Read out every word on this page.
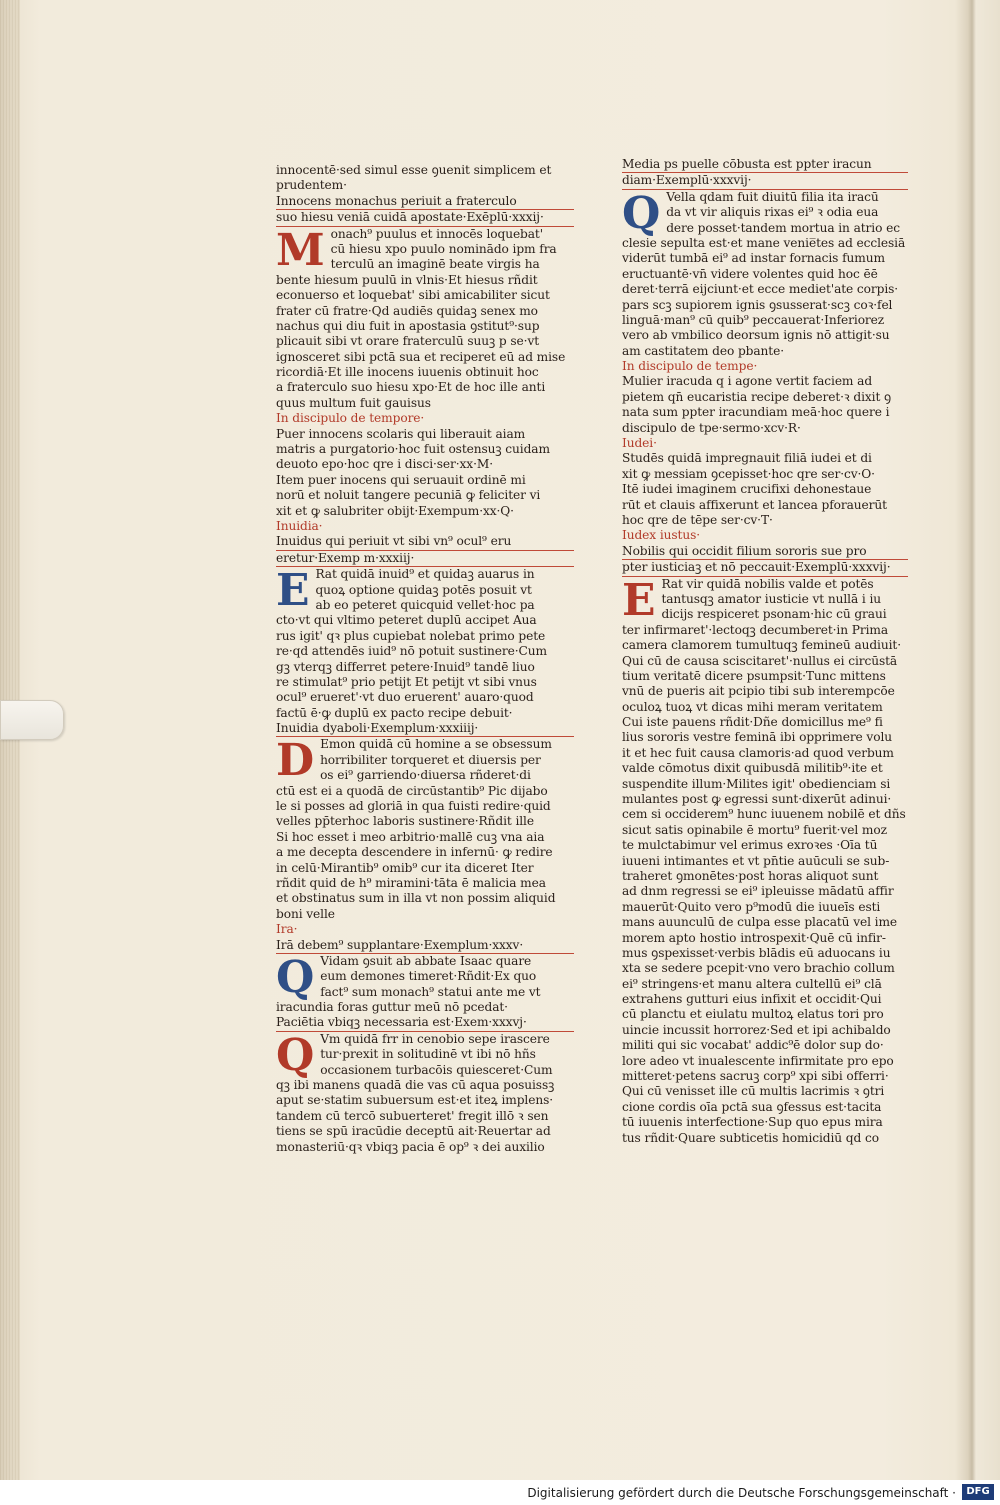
innocentē·sed simul esse ꝯuenit simplicem et
prudentem·
Innocens monachus periuit a fraterculo
suo hiesu veniā cuidā apostate·Exēplū·xxxij·
M onach⁹ puulus et innocēs loquebat'
cū hiesu xpo puulo nominādo ipm fra
terculū an imaginē beate virgis ha
bente hiesum puulū in vlnis·Et hiesus rñdit
econuerso et loquebat' sibi amicabiliter sicut
frater cū fratre·Qd audiēs quidaꝫ senex mo
nachus qui diu fuit in apostasia ꝯstitut⁹·sup
plicauit sibi vt orare fraterculū suuꝫ p se·vt
ignosceret sibi pctā sua et reciperet eū ad mise
ricordiā·Et ille inocens iuuenis obtinuit hoc
a fraterculo suo hiesu xpo·Et de hoc ille anti
quus multum fuit gauisus
In discipulo de tempore·
Puer innocens scolaris qui liberauit aiam
matris a purgatorio·hoc fuit ostensuꝫ cuidam
deuoto epo·hoc qre i disci·ser·xx·M·
Item puer inocens qui seruauit ordinē mi
norū et noluit tangere pecuniā ꝙ feliciter vi
xit et ꝙ salubriter obijt·Exempum·xx·Q·
Inuidia·
Inuidus qui periuit vt sibi vn⁹ ocul⁹ eru
eretur·Exemp m·xxxiij·
E Rat quidā inuid⁹ et quidaꝫ auarus in
quoꝝ optione quidaꝫ potēs posuit vt
ab eo peteret quicquid vellet·hoc pa
cto·vt qui vltimo peteret duplū accipet Aua
rus igit' qꝛ plus cupiebat nolebat primo pete
re·qd attendēs iuid⁹ nō potuit sustinere·Cum
gꝫ vterqꝫ differret petere·Inuid⁹ tandē liuo
re stimulat⁹ prio petijt Et petijt vt sibi vnus
ocul⁹ erueret'·vt duo eruerent' auaro·quod
factū ē·ꝙ duplū ex pacto recipe debuit·
Inuidia dyaboli·Exemplum·xxxiiij·
D Emon quidā cū homine a se obsessum
horribiliter torqueret et diuersis per
os ei⁹ garriendo·diuersa rñderet·di
ctū est ei a quodā de circūstantib⁹ Pic dijabo
le si posses ad gloriā in qua fuisti redire·quid
velles pp̄terhoc laboris sustinere·Rñdit ille
Si hoc esset i meo arbitrio·mallē cuꝫ vna aia
a me decepta descendere in infernū· ꝙ redire
in celū·Mirantib⁹ omib⁹ cur ita diceret Iter
rñdit quid de h⁹ miramini·tāta ē malicia mea
et obstinatus sum in illa vt non possim aliquid
boni velle
Ira·
Irā debem⁹ supplantare·Exemplum·xxxv·
Q Vidam ꝯsuit ab abbate Isaac quare
eum demones timeret·Rñdit·Ex quo
fact⁹ sum monach⁹ statui ante me vt
iracundia foras guttur meū nō pcedat·
Paciētia vbiqꝫ necessaria est·Exem·xxxvj·
Q Vm quidā frr in cenobio sepe irascere
tur·prexit in solitudinē vt ibi nō hñs
occasionem turbacōis quiesceret·Cum
qꝫ ibi manens quadā die vas cū aqua posuissꝫ
aput se·statim subuersum est·et iteꝝ implens·
tandem cū tercō subuerteret' fregit illō ꝛ sen
tiens se spū iracūdie deceptū ait·Reuertar ad
monasteriū·qꝛ vbiqꝫ pacia ē op⁹ ꝛ dei auxilio
Media ps puelle cōbusta est ppter iracun
diam·Exemplū·xxxvij·
Q Vella qdam fuit diuitū filia ita iracū
da vt vir aliquis rixas ei⁹ ꝛ odia eua
dere posset·tandem mortua in atrio ec
clesie sepulta est·et mane venie̅tes ad ecclesiā
viderūt tumbā ei⁹ ad instar fornacis fumum
eructuantē·vn̄ videre volentes quid hoc ēē
deret·terrā eijciunt·et ecce mediet'ate corpis·
pars scꝫ supiorem ignis ꝯsusserat·scꝫ coꝛ·fel
linguā·man⁹ cū quib⁹ peccauerat·Inferiorez
vero ab vmbilico deorsum ignis nō attigit·su
am castitatem deo pbante·
In discipulo de tempe·
Mulier iracuda q i agone vertit faciem ad
pietem qn̄ eucaristia recipe deberet·ꝛ dixit ꝯ
nata sum ppter iracundiam meā·hoc quere i
discipulo de tpe·sermo·xcv·R·
Iudei·
Studēs quidā impregnauit filiā iudei et di
xit ꝙ messiam ꝯcepisset·hoc qre ser·cv·O·
Itē iudei imaginem crucifixi dehonestaue
rūt et clauis affixerunt et lancea pforauerūt
hoc qre de tēpe ser·cv·T·
Iudex iustus·
Nobilis qui occidit filium sororis sue pro
pter iusticiaꝫ et nō peccauit·Exemplū·xxxvij·
E Rat vir quidā nobilis valde et potēs
tantusqꝫ amator iusticie vt nullā i iu
dicijs respiceret psonam·hic cū graui
ter infirmaret'·lectoqꝫ decumberet·in Prima
camera clamorem tumultuqꝫ femineū audiuit·
Qui cū de causa sciscitaret'·nullus ei circūstā
tium veritatē dicere psumpsit·Tunc mittens
vnū de pueris ait pcipio tibi sub interempcōe
oculoꝝ tuoꝝ vt dicas mihi meram veritatem
Cui iste pauens rñdit·Dñe domicillus me⁹ fi
lius sororis vestre feminā ibi opprimere volu
it et hec fuit causa clamoris·ad quod verbum
valde cōmotus dixit quibusdā militib⁹·ite et
suspendite illum·Milites igit' obedienciam si
mulantes post ꝙ egressi sunt·dixerūt adinui·
cem si occiderem⁹ hunc iuuenem nobilē et dñs
sicut satis opinabile ē mortu⁹ fuerit·vel moz
te mulctabimur vel erimus exroꝛes ·Oīa tū
iuueni intimantes et vt pn̄tie auūculi se sub-
traheret ꝯmonētes·post horas aliquot sunt
ad dnm regressi se ei⁹ ipleuisse mādatū affir
mauerūt·Quito vero p⁹modū die iuueīs esti
mans auunculū de culpa esse placatū vel ime
morem apto hostio introspexit·Quē cū infir-
mus ꝯspexisset·verbis blādis eū aduocans iu
xta se sedere pcepit·vno vero brachio collum
ei⁹ stringens·et manu altera cultellū ei⁹ clā
extrahens gutturi eius infixit et occidit·Qui
cū planctu et eiulatu multoꝝ elatus tori pro
uincie incussit horrorez·Sed et ipi achibaldo
militi qui sic vocabat' addic⁹ē dolor sup do·
lore adeo vt inualescente infirmitate pro epo
mitteret·petens sacruꝫ corp⁹ xpi sibi offerri·
Qui cū venisset ille cū multis lacrimis ꝛ ꝯtri
cione cordis oīa pctā sua ꝯfessus est·tacita
tū iuuenis interfectione·Sup quo epus mira
tus rñdit·Quare subticetis homicidiū qd co
Digitalisierung gefördert durch die Deutsche Forschungsgemeinschaft ·	DFG
